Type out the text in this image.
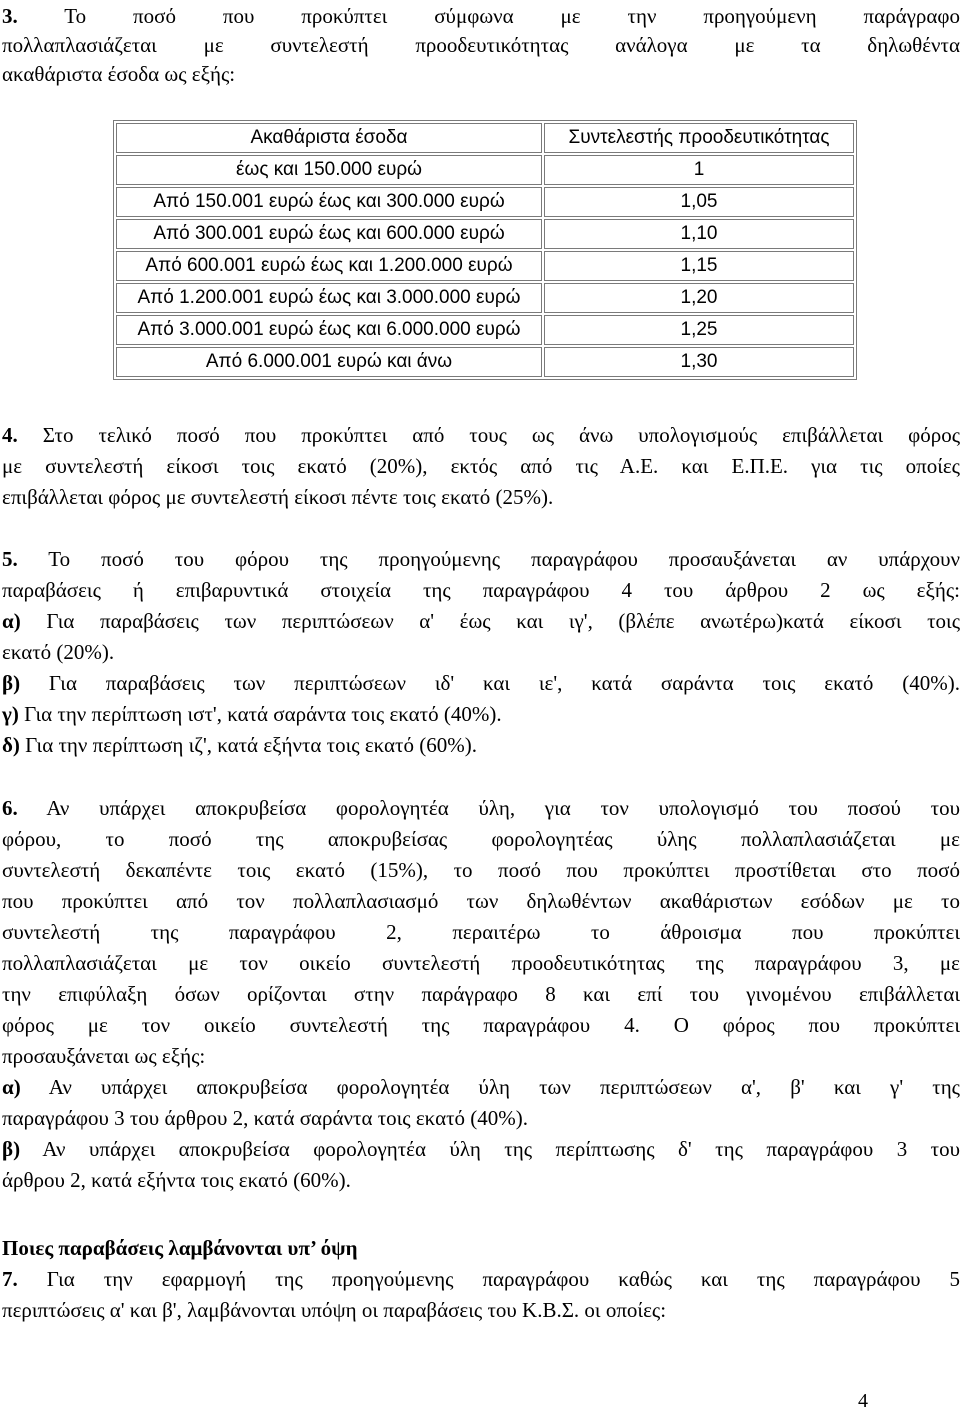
3. Το ποσό που προκύπτει σύμφωνα με την προηγούμενη παράγραφο
πολλαπλασιάζεται με συντελεστή προοδευτικότητας ανάλογα με τα δηλωθέντα
ακαθάριστα έσοδα ως εξής:
Ακαθάριστα έσοδα	Συντελεστής προοδευτικότητας
έως και 150.000 ευρώ	1
Από 150.001 ευρώ έως και 300.000 ευρώ	1,05
Από 300.001 ευρώ έως και 600.000 ευρώ	1,10
Από 600.001 ευρώ έως και 1.200.000 ευρώ	1,15
Από 1.200.001 ευρώ έως και 3.000.000 ευρώ	1,20
Από 3.000.001 ευρώ έως και 6.000.000 ευρώ	1,25
Από 6.000.001 ευρώ και άνω	1,30
4. Στο τελικό ποσό που προκύπτει από τους ως άνω υπολογισμούς επιβάλλεται φόρος
με συντελεστή είκοσι τοις εκατό (20%), εκτός από τις Α.Ε. και Ε.Π.Ε. για τις οποίες
επιβάλλεται φόρος με συντελεστή είκοσι πέντε τοις εκατό (25%).
5. Το ποσό του φόρου της προηγούμενης παραγράφου προσαυξάνεται αν υπάρχουν
παραβάσεις ή επιβαρυντικά στοιχεία της παραγράφου 4 του άρθρου 2 ως εξής:
α) Για παραβάσεις των περιπτώσεων α' έως και ιγ', (βλέπε ανωτέρω)κατά είκοσι τοις
εκατό (20%).
β) Για παραβάσεις των περιπτώσεων ιδ' και ιε', κατά σαράντα τοις εκατό (40%).
γ) Για την περίπτωση ιστ', κατά σαράντα τοις εκατό (40%).
δ) Για την περίπτωση ιζ', κατά εξήντα τοις εκατό (60%).
6. Αν υπάρχει αποκρυβείσα φορολογητέα ύλη, για τον υπολογισμό του ποσού του
φόρου, το ποσό της αποκρυβείσας φορολογητέας ύλης πολλαπλασιάζεται με
συντελεστή δεκαπέντε τοις εκατό (15%), το ποσό που προκύπτει προστίθεται στο ποσό
που προκύπτει από τον πολλαπλασιασμό των δηλωθέντων ακαθάριστων εσόδων με το
συντελεστή της παραγράφου 2, περαιτέρω το άθροισμα που προκύπτει
πολλαπλασιάζεται με τον οικείο συντελεστή προοδευτικότητας της παραγράφου 3, με
την επιφύλαξη όσων ορίζονται στην παράγραφο 8 και επί του γινομένου επιβάλλεται
φόρος με τον οικείο συντελεστή της παραγράφου 4. Ο φόρος που προκύπτει
προσαυξάνεται ως εξής:
α) Αν υπάρχει αποκρυβείσα φορολογητέα ύλη των περιπτώσεων α', β' και γ' της
παραγράφου 3 του άρθρου 2, κατά σαράντα τοις εκατό (40%).
β) Αν υπάρχει αποκρυβείσα φορολογητέα ύλη της περίπτωσης δ' της παραγράφου 3 του
άρθρου 2, κατά εξήντα τοις εκατό (60%).
Ποιες παραβάσεις λαμβάνονται υπ’ όψη
7. Για την εφαρμογή της προηγούμενης παραγράφου καθώς και της παραγράφου 5
περιπτώσεις α' και β', λαμβάνονται υπόψη οι παραβάσεις του Κ.Β.Σ. οι οποίες:
4
